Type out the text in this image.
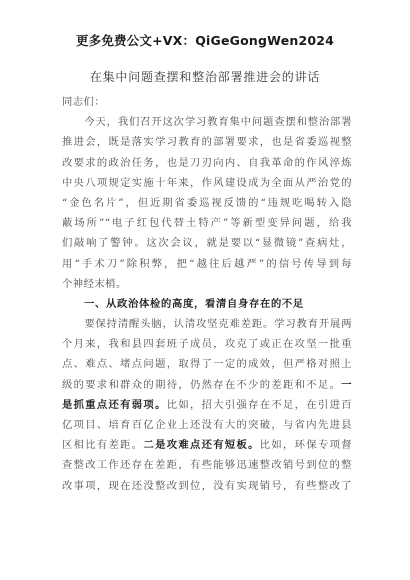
更多免费公文+VX：QiGeGongWen2024
在集中问题查摆和整治部署推进会的讲话
同志们：
　　今天，我们召开这次学习教育集中问题查摆和整治部署
推进会，既是落实学习教育的部署要求，也是省委巡视整
改要求的政治任务，也是刀刃向内、自我革命的作风淬炼
中央八项规定实施十年来，作风建设成为全面从严治党的
“金色名片”，但近期省委巡视反馈的“违规吃喝转入隐
蔽场所”“电子红包代替土特产”等新型变异问题，给我
们敲响了警钟。这次会议，就是要以“显微镜”查病灶，
用“手术刀”除积弊，把“越往后越严”的信号传导到每
个神经末梢。
　　一、从政治体检的高度，看清自身存在的不足
　　要保持清醒头脑，认清攻坚克难差距。学习教育开展两
个月来，我和县四套班子成员，攻克了或正在攻坚一批重
点、难点、堵点问题，取得了一定的成效，但严格对照上
级的要求和群众的期待，仍然存在不少的差距和不足。一
是抓重点还有弱项。比如，招大引强存在不足，在引进百
亿项目、培育百亿企业上还没有大的突破，与省内先进县
区相比有差距。二是攻难点还有短板。比如，环保专项督
查整改工作还存在差距，有些能够迅速整改销号到位的整
改事项，现在还没整改到位，没有实现销号，有些整改了
